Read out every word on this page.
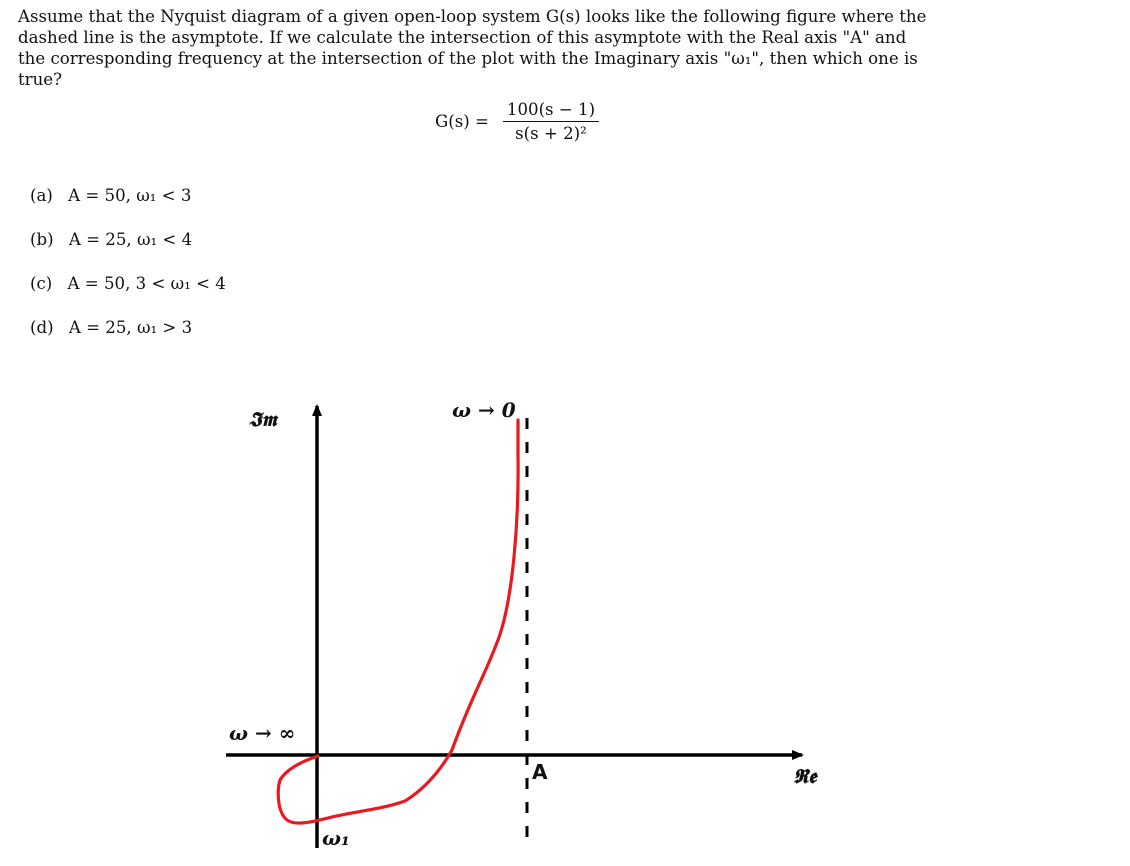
Assume that the Nyquist diagram of a given open-loop system G(s) looks like the following figure where the

dashed line is the asymptote. If we calculate the intersection of this asymptote with the Real axis "A" and

the corresponding frequency at the intersection of the plot with the Imaginary axis "ω₁", then which one is

true?

$G(s) = \frac{100(s - 1)}{\text{s(s + 2)²}}$
(a) A = 50, ω₁ < 3
(b) A = 25, ω₁ < 4
(c) A = 50, 3 < ω₁ < 4
(d) A = 25, ω₁ > 3
𝕴𝖒	ω → 0
ω → ∞
A	𝕽𝖊
ω₁
